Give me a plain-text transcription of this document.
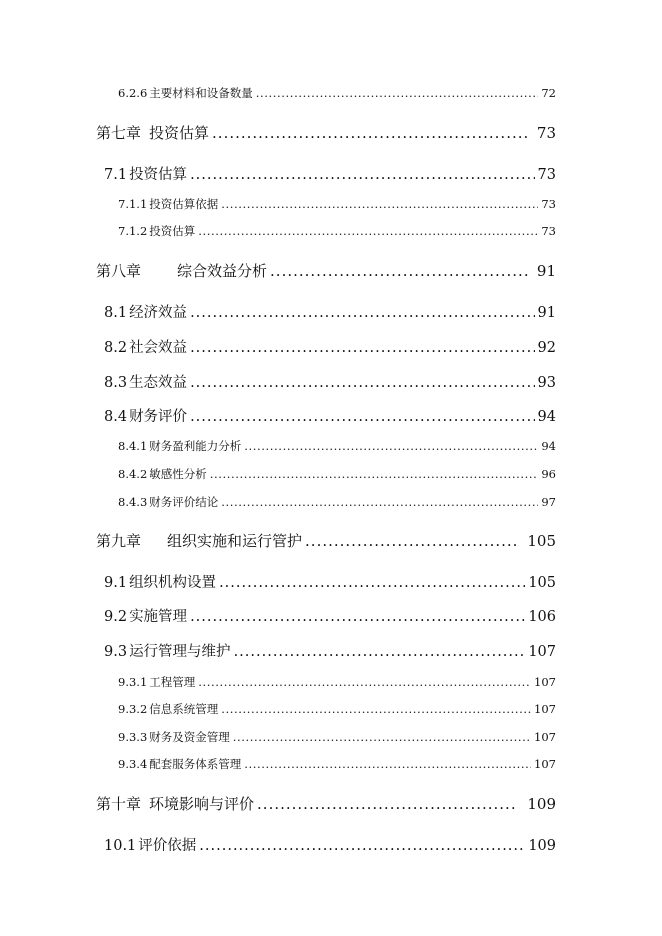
6.2.6 主要材料和设备数量 .....	72
第七章 投资估算 .....	73
7.1 投资估算 .....	73
7.1.1 投资估算依据 .....	73
7.1.2 投资估算 .....	73
第八章 综合效益分析 .....	91
8.1 经济效益 .....	91
8.2 社会效益 .....	92
8.3 生态效益 .....	93
8.4 财务评价 .....	94
8.4.1 财务盈利能力分析 .....	94
8.4.2 敏感性分析 .....	96
8.4.3 财务评价结论 .....	97
第九章 组织实施和运行管护 .....	105
9.1 组织机构设置 .....	105
9.2 实施管理 .....	106
9.3 运行管理与维护 .....	107
9.3.1 工程管理 .....	107
9.3.2 信息系统管理 .....	107
9.3.3 财务及资金管理 .....	107
9.3.4 配套服务体系管理 .....	107
第十章 环境影响与评价 .....	109
10.1 评价依据 .....	109
